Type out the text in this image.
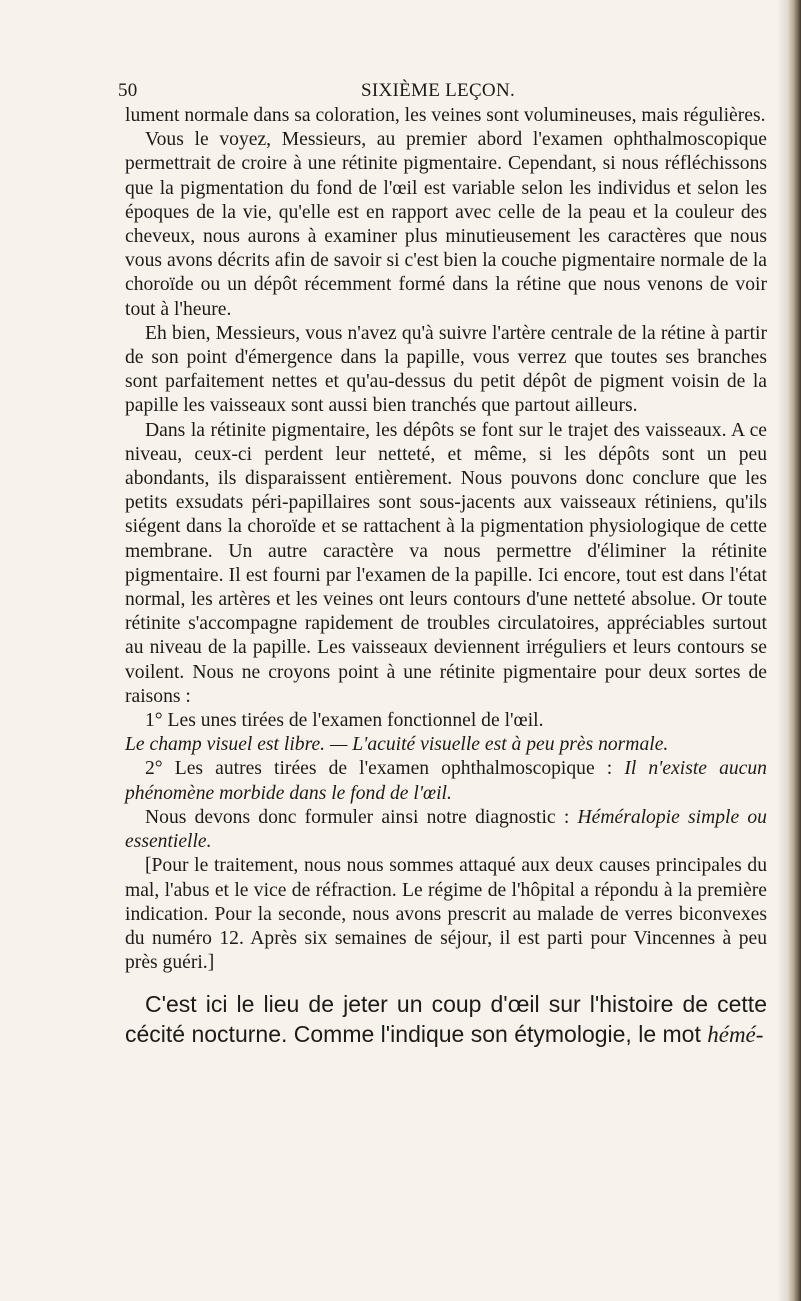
50	SIXIÈME LEÇON.

lument normale dans sa coloration, les veines sont volumineuses, mais régulières.

Vous le voyez, Messieurs, au premier abord l'examen ophthalmoscopique permettrait de croire à une rétinite pigmentaire. Cependant, si nous réfléchissons que la pigmentation du fond de l'œil est variable selon les individus et selon les époques de la vie, qu'elle est en rapport avec celle de la peau et la couleur des cheveux, nous aurons à examiner plus minutieusement les caractères que nous vous avons décrits afin de savoir si c'est bien la couche pigmentaire normale de la choroïde ou un dépôt récemment formé dans la rétine que nous venons de voir tout à l'heure.

Eh bien, Messieurs, vous n'avez qu'à suivre l'artère centrale de la rétine à partir de son point d'émergence dans la papille, vous verrez que toutes ses branches sont parfaitement nettes et qu'au-dessus du petit dépôt de pigment voisin de la papille les vaisseaux sont aussi bien tranchés que partout ailleurs.

Dans la rétinite pigmentaire, les dépôts se font sur le trajet des vaisseaux. A ce niveau, ceux-ci perdent leur netteté, et même, si les dépôts sont un peu abondants, ils disparaissent entièrement. Nous pouvons donc conclure que les petits exsudats péri-papillaires sont sous-jacents aux vaisseaux rétiniens, qu'ils siégent dans la choroïde et se rattachent à la pigmentation physiologique de cette membrane. Un autre caractère va nous permettre d'éliminer la rétinite pigmentaire. Il est fourni par l'examen de la papille. Ici encore, tout est dans l'état normal, les artères et les veines ont leurs contours d'une netteté absolue. Or toute rétinite s'accompagne rapidement de troubles circulatoires, appréciables surtout au niveau de la papille. Les vaisseaux deviennent irréguliers et leurs contours se voilent. Nous ne croyons point à une rétinite pigmentaire pour deux sortes de raisons :

1° Les unes tirées de l'examen fonctionnel de l'œil.
Le champ visuel est libre. — L'acuité visuelle est à peu près normale.

2° Les autres tirées de l'examen ophthalmoscopique : Il n'existe aucun phénomène morbide dans le fond de l'œil.

Nous devons donc formuler ainsi notre diagnostic : Héméralopie simple ou essentielle.

[Pour le traitement, nous nous sommes attaqué aux deux causes principales du mal, l'abus et le vice de réfraction. Le régime de l'hôpital a répondu à la première indication. Pour la seconde, nous avons prescrit au malade de verres biconvexes du numéro 12. Après six semaines de séjour, il est parti pour Vincennes à peu près guéri.]

C'est ici le lieu de jeter un coup d'œil sur l'histoire de cette cécité nocturne. Comme l'indique son étymologie, le mot hémé-
